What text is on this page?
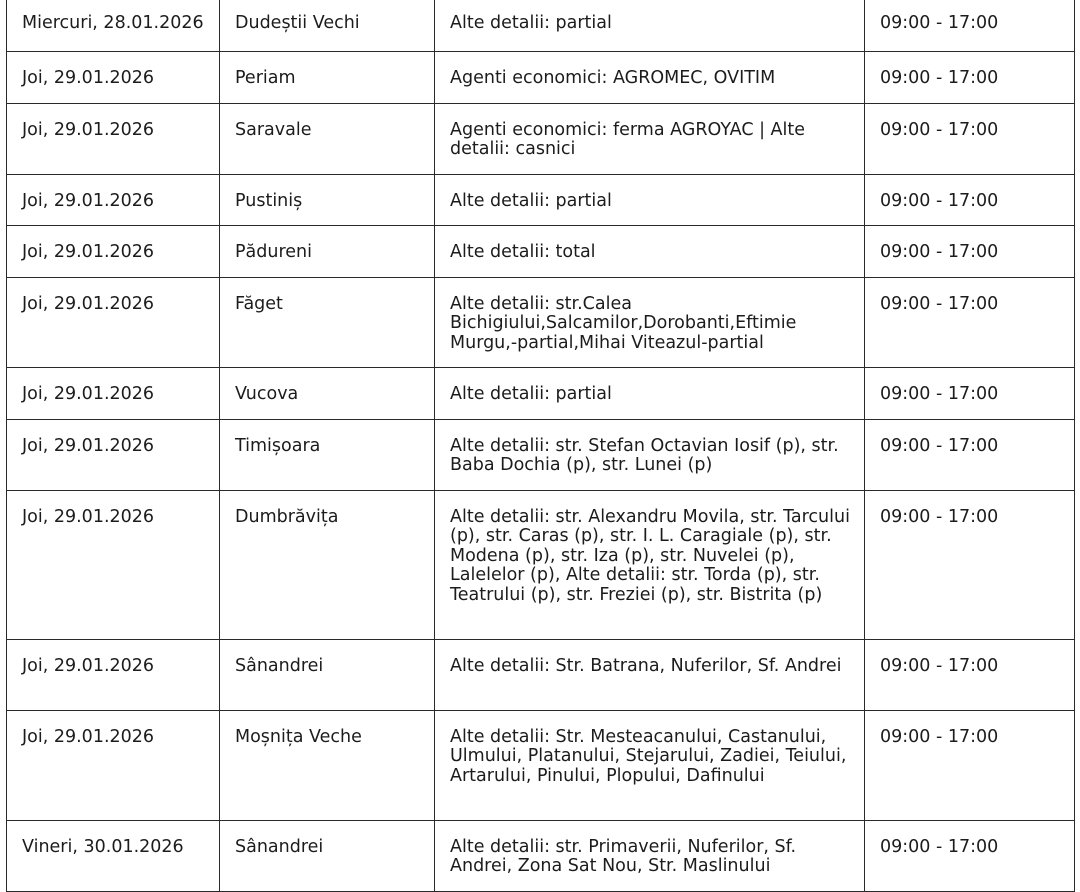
Miercuri, 28.01.2026	Dudeștii Vechi	Alte detalii: partial	09:00 - 17:00
Joi, 29.01.2026	Periam	Agenti economici: AGROMEC, OVITIM	09:00 - 17:00
Joi, 29.01.2026	Saravale	Agenti economici: ferma AGROYAC | Alte detalii: casnici	09:00 - 17:00
Joi, 29.01.2026	Pustiniș	Alte detalii: partial	09:00 - 17:00
Joi, 29.01.2026	Pădureni	Alte detalii: total	09:00 - 17:00
Joi, 29.01.2026	Făget	Alte detalii: str.Calea Bichigiului,Salcamilor,Dorobanti,Eftimie Murgu,-partial,Mihai Viteazul-partial	09:00 - 17:00
Joi, 29.01.2026	Vucova	Alte detalii: partial	09:00 - 17:00
Joi, 29.01.2026	Timișoara	Alte detalii: str. Stefan Octavian Iosif (p), str. Baba Dochia (p), str. Lunei (p)	09:00 - 17:00
Joi, 29.01.2026	Dumbrăvița	Alte detalii: str. Alexandru Movila, str. Tarcului (p), str. Caras (p), str. I. L. Caragiale (p), str. Modena (p), str. Iza (p), str. Nuvelei (p), Lalelelor (p), Alte detalii: str. Torda (p), str. Teatrului (p), str. Freziei (p), str. Bistrita (p)	09:00 - 17:00
Joi, 29.01.2026	Sânandrei	Alte detalii: Str. Batrana, Nuferilor, Sf. Andrei	09:00 - 17:00
Joi, 29.01.2026	Moșnița Veche	Alte detalii: Str. Mesteacanului, Castanului, Ulmului, Platanului, Stejarului, Zadiei, Teiului, Artarului, Pinului, Plopului, Dafinului	09:00 - 17:00
Vineri, 30.01.2026	Sânandrei	Alte detalii: str. Primaverii, Nuferilor, Sf. Andrei, Zona Sat Nou, Str. Maslinului	09:00 - 17:00
